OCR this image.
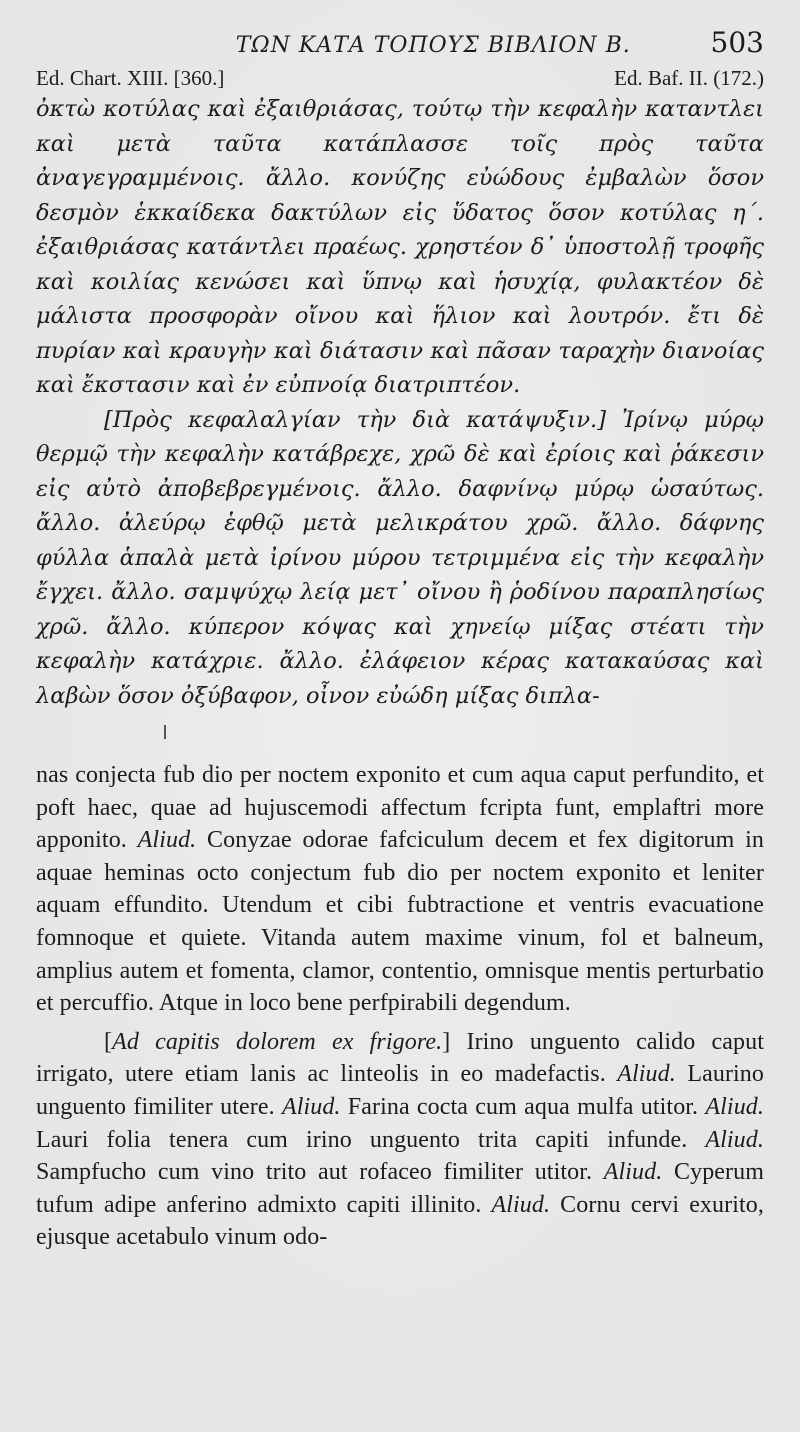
ΤΩΝ ΚΑΤΑ ΤΟΠΟΥΣ ΒΙΒΛΙΟΝ Β.	503
Ed. Chart. XIII. [360.]	Ed. Baf. II. (172.)

ὀκτὼ κοτύλας καὶ ἐξαιθριάσας, τούτῳ τὴν κεφαλὴν καταντλει καὶ μετὰ ταῦτα κατάπλασσε τοῖς πρὸς ταῦτα ἀναγεγραμμένοις. ἄλλο. κονύζης εὐώδους ἐμβαλὼν ὅσον δεσμὸν ἑκκαίδεκα δακτύλων εἰς ὕδατος ὅσον κοτύλας η΄. ἐξαιθριάσας κατάντλει πραέως. χρηστέον δ᾽ ὑποστολῇ τροφῆς καὶ κοιλίας κενώσει καὶ ὕπνῳ καὶ ἡσυχίᾳ, φυλακτέον δὲ μάλιστα προσφορὰν οἴνου καὶ ἥλιον καὶ λουτρόν. ἔτι δὲ πυρίαν καὶ κραυγὴν καὶ διάτασιν καὶ πᾶσαν ταραχὴν διανοίας καὶ ἔκστασιν καὶ ἐν εὐπνοίᾳ διατριπτέον.

[Πρὸς κεφαλαλγίαν τὴν διὰ κατάψυξιν.] Ἰρίνῳ μύρῳ θερμῷ τὴν κεφαλὴν κατάβρεχε, χρῶ δὲ καὶ ἐρίοις καὶ ῥάκεσιν εἰς αὐτὸ ἀποβεβρεγμένοις. ἄλλο. δαφνίνῳ μύρῳ ὡσαύτως. ἄλλο. ἀλεύρῳ ἑφθῷ μετὰ μελικράτου χρῶ. ἄλλο. δάφνης φύλλα ἁπαλὰ μετὰ ἰρίνου μύρου τετριμμένα εἰς τὴν κεφαλὴν ἔγχει. ἄλλο. σαμψύχῳ λείᾳ μετ᾽ οἴνου ἢ ῥοδίνου παραπλησίως χρῶ. ἄλλο. κύπερον κόψας καὶ χηνείῳ μίξας στέατι τὴν κεφαλὴν κατάχριε. ἄλλο. ἐλάφειον κέρας κατακαύσας καὶ λαβὼν ὅσον ὀξύβαφον, οἶνον εὐώδη μίξας διπλα-

nas conjecta fub dio per noctem exponito et cum aqua caput perfundito, et poft haec, quae ad hujuscemodi affectum fcripta funt, emplaftri more apponito. Aliud. Conyzae odorae fafciculum decem et fex digitorum in aquae heminas octo conjectum fub dio per noctem exponito et leniter aquam effundito. Utendum et cibi fubtractione et ventris evacuatione fomnoque et quiete. Vitanda autem maxime vinum, fol et balneum, amplius autem et fomenta, clamor, contentio, omnisque mentis perturbatio et percuffio. Atque in loco bene perfpirabili degendum.

[Ad capitis dolorem ex frigore.] Irino unguento calido caput irrigato, utere etiam lanis ac linteolis in eo madefactis. Aliud. Laurino unguento fimiliter utere. Aliud. Farina cocta cum aqua mulfa utitor. Aliud. Lauri folia tenera cum irino unguento trita capiti infunde. Aliud. Sampfucho cum vino trito aut rofaceo fimiliter utitor. Aliud. Cyperum tufum adipe anferino admixto capiti illinito. Aliud. Cornu cervi exurito, ejusque acetabulo vinum odo-
